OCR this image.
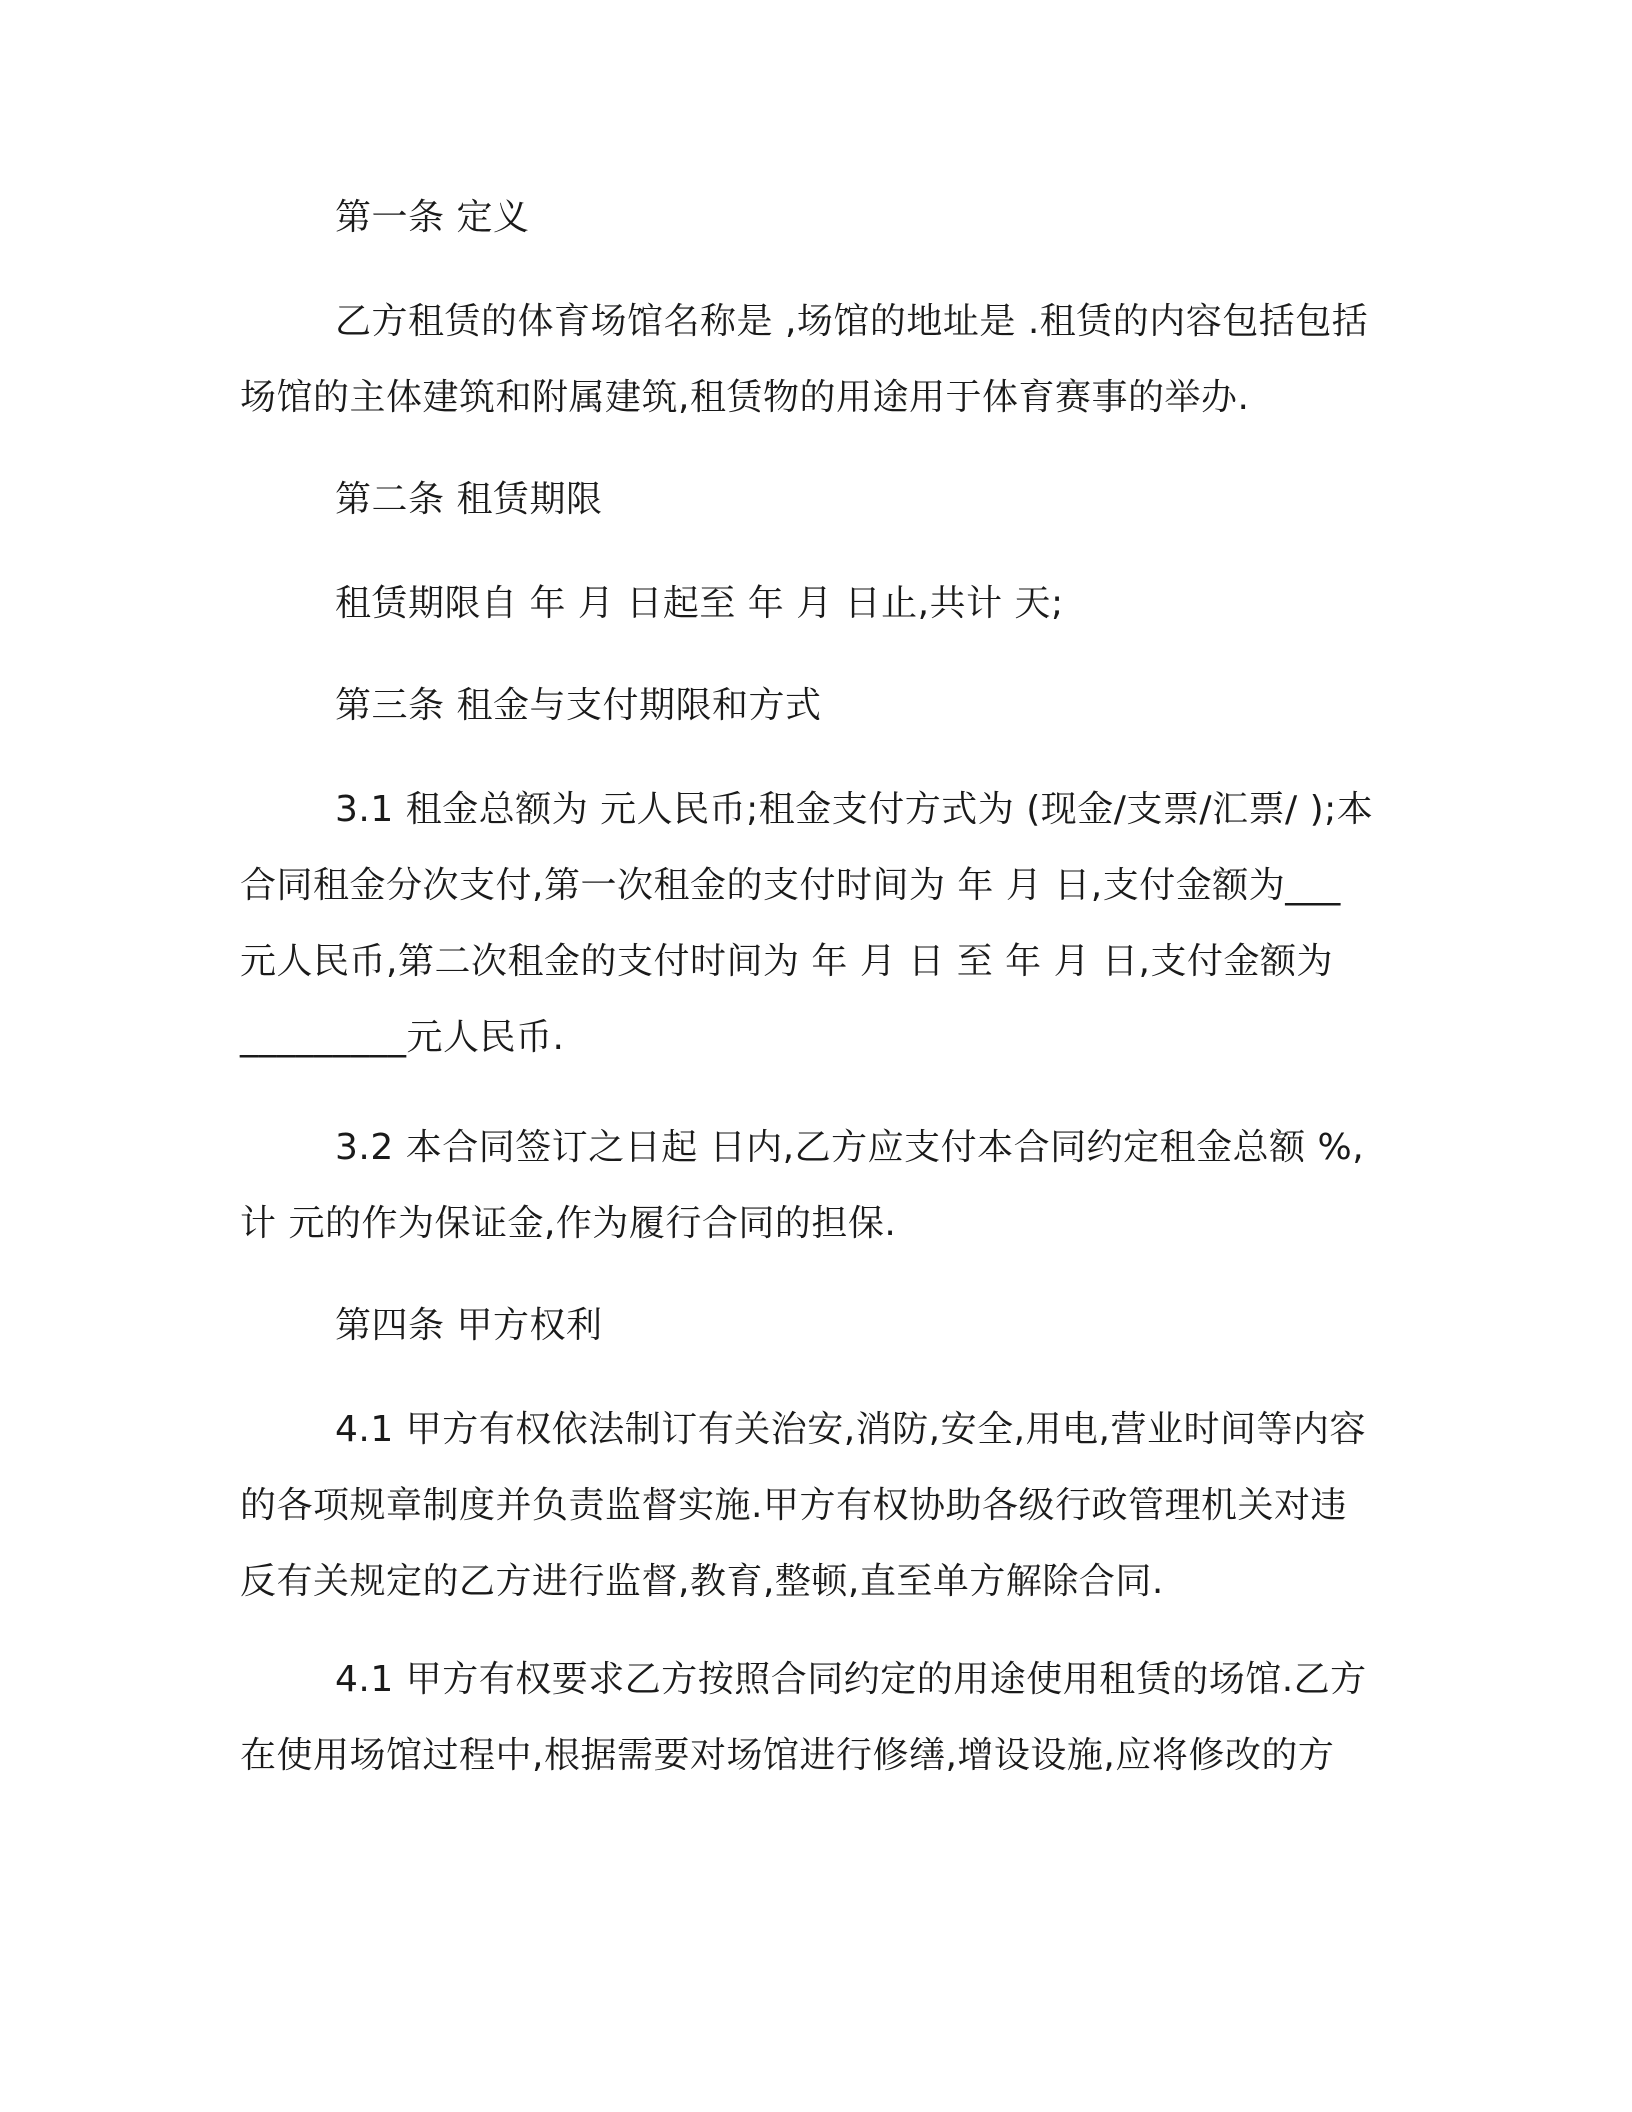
第一条 定义

乙方租赁的体育场馆名称是 ,场馆的地址是 .租赁的内容包括包括
场馆的主体建筑和附属建筑,租赁物的用途用于体育赛事的举办.

第二条 租赁期限

租赁期限自 年 月 日起至 年 月 日止,共计 天;

第三条 租金与支付期限和方式

3.1 租金总额为 元人民币;租金支付方式为 (现金/支票/汇票/ );本
合同租金分次支付,第一次租金的支付时间为 年 月 日,支付金额为___
元人民币,第二次租金的支付时间为 年 月 日 至 年 月 日,支付金额为
_________元人民币.

3.2 本合同签订之日起 日内,乙方应支付本合同约定租金总额 %,
计 元的作为保证金,作为履行合同的担保.

第四条 甲方权利

4.1 甲方有权依法制订有关治安,消防,安全,用电,营业时间等内容
的各项规章制度并负责监督实施.甲方有权协助各级行政管理机关对违
反有关规定的乙方进行监督,教育,整顿,直至单方解除合同.

4.1 甲方有权要求乙方按照合同约定的用途使用租赁的场馆.乙方
在使用场馆过程中,根据需要对场馆进行修缮,增设设施,应将修改的方
